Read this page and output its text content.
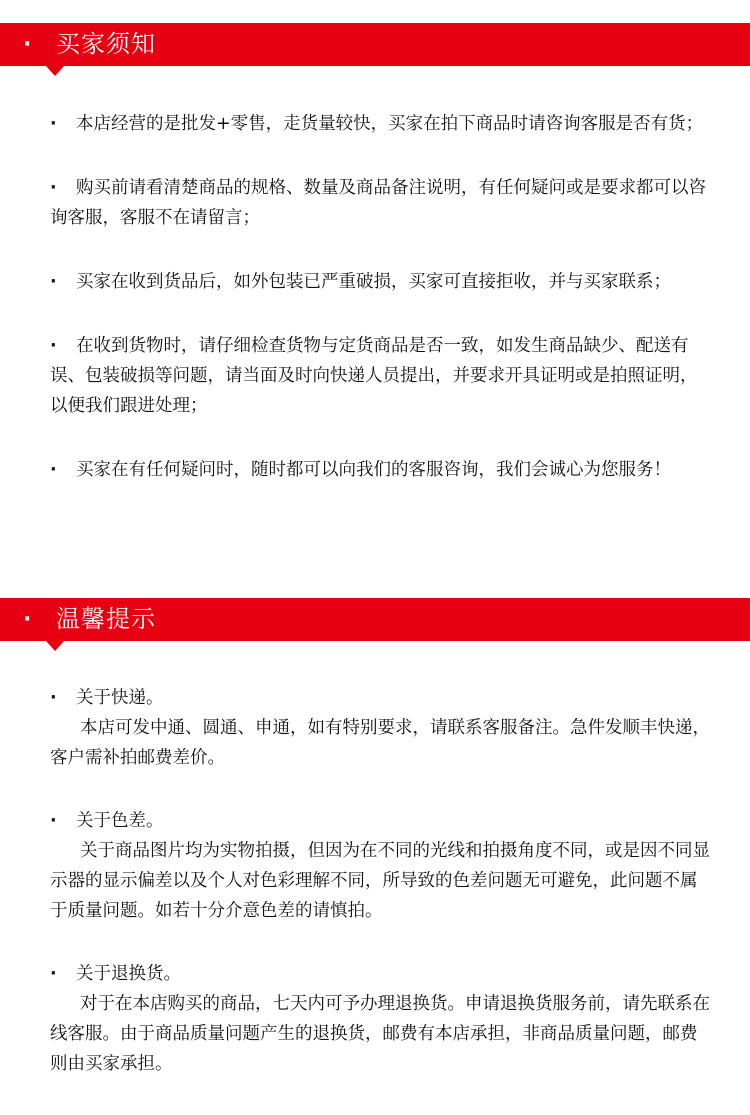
· 买家须知

· 本店经营的是批发+零售，走货量较快，买家在拍下商品时请咨询客服是否有货；

· 购买前请看清楚商品的规格、数量及商品备注说明，有任何疑问或是要求都可以咨询客服，客服不在请留言；

· 买家在收到货品后，如外包装已严重破损，买家可直接拒收，并与买家联系；

· 在收到货物时，请仔细检查货物与定货商品是否一致，如发生商品缺少、配送有误、包装破损等问题，请当面及时向快递人员提出，并要求开具证明或是拍照证明，以便我们跟进处理；

· 买家在有任何疑问时，随时都可以向我们的客服咨询，我们会诚心为您服务！

· 温馨提示

· 关于快递。

本店可发中通、圆通、申通，如有特别要求，请联系客服备注。急件发顺丰快递，客户需补拍邮费差价。

· 关于色差。

关于商品图片均为实物拍摄，但因为在不同的光线和拍摄角度不同，或是因不同显示器的显示偏差以及个人对色彩理解不同，所导致的色差问题无可避免，此问题不属于质量问题。如若十分介意色差的请慎拍。

· 关于退换货。

对于在本店购买的商品，七天内可予办理退换货。申请退换货服务前，请先联系在线客服。由于商品质量问题产生的退换货，邮费有本店承担，非商品质量问题，邮费则由买家承担。
